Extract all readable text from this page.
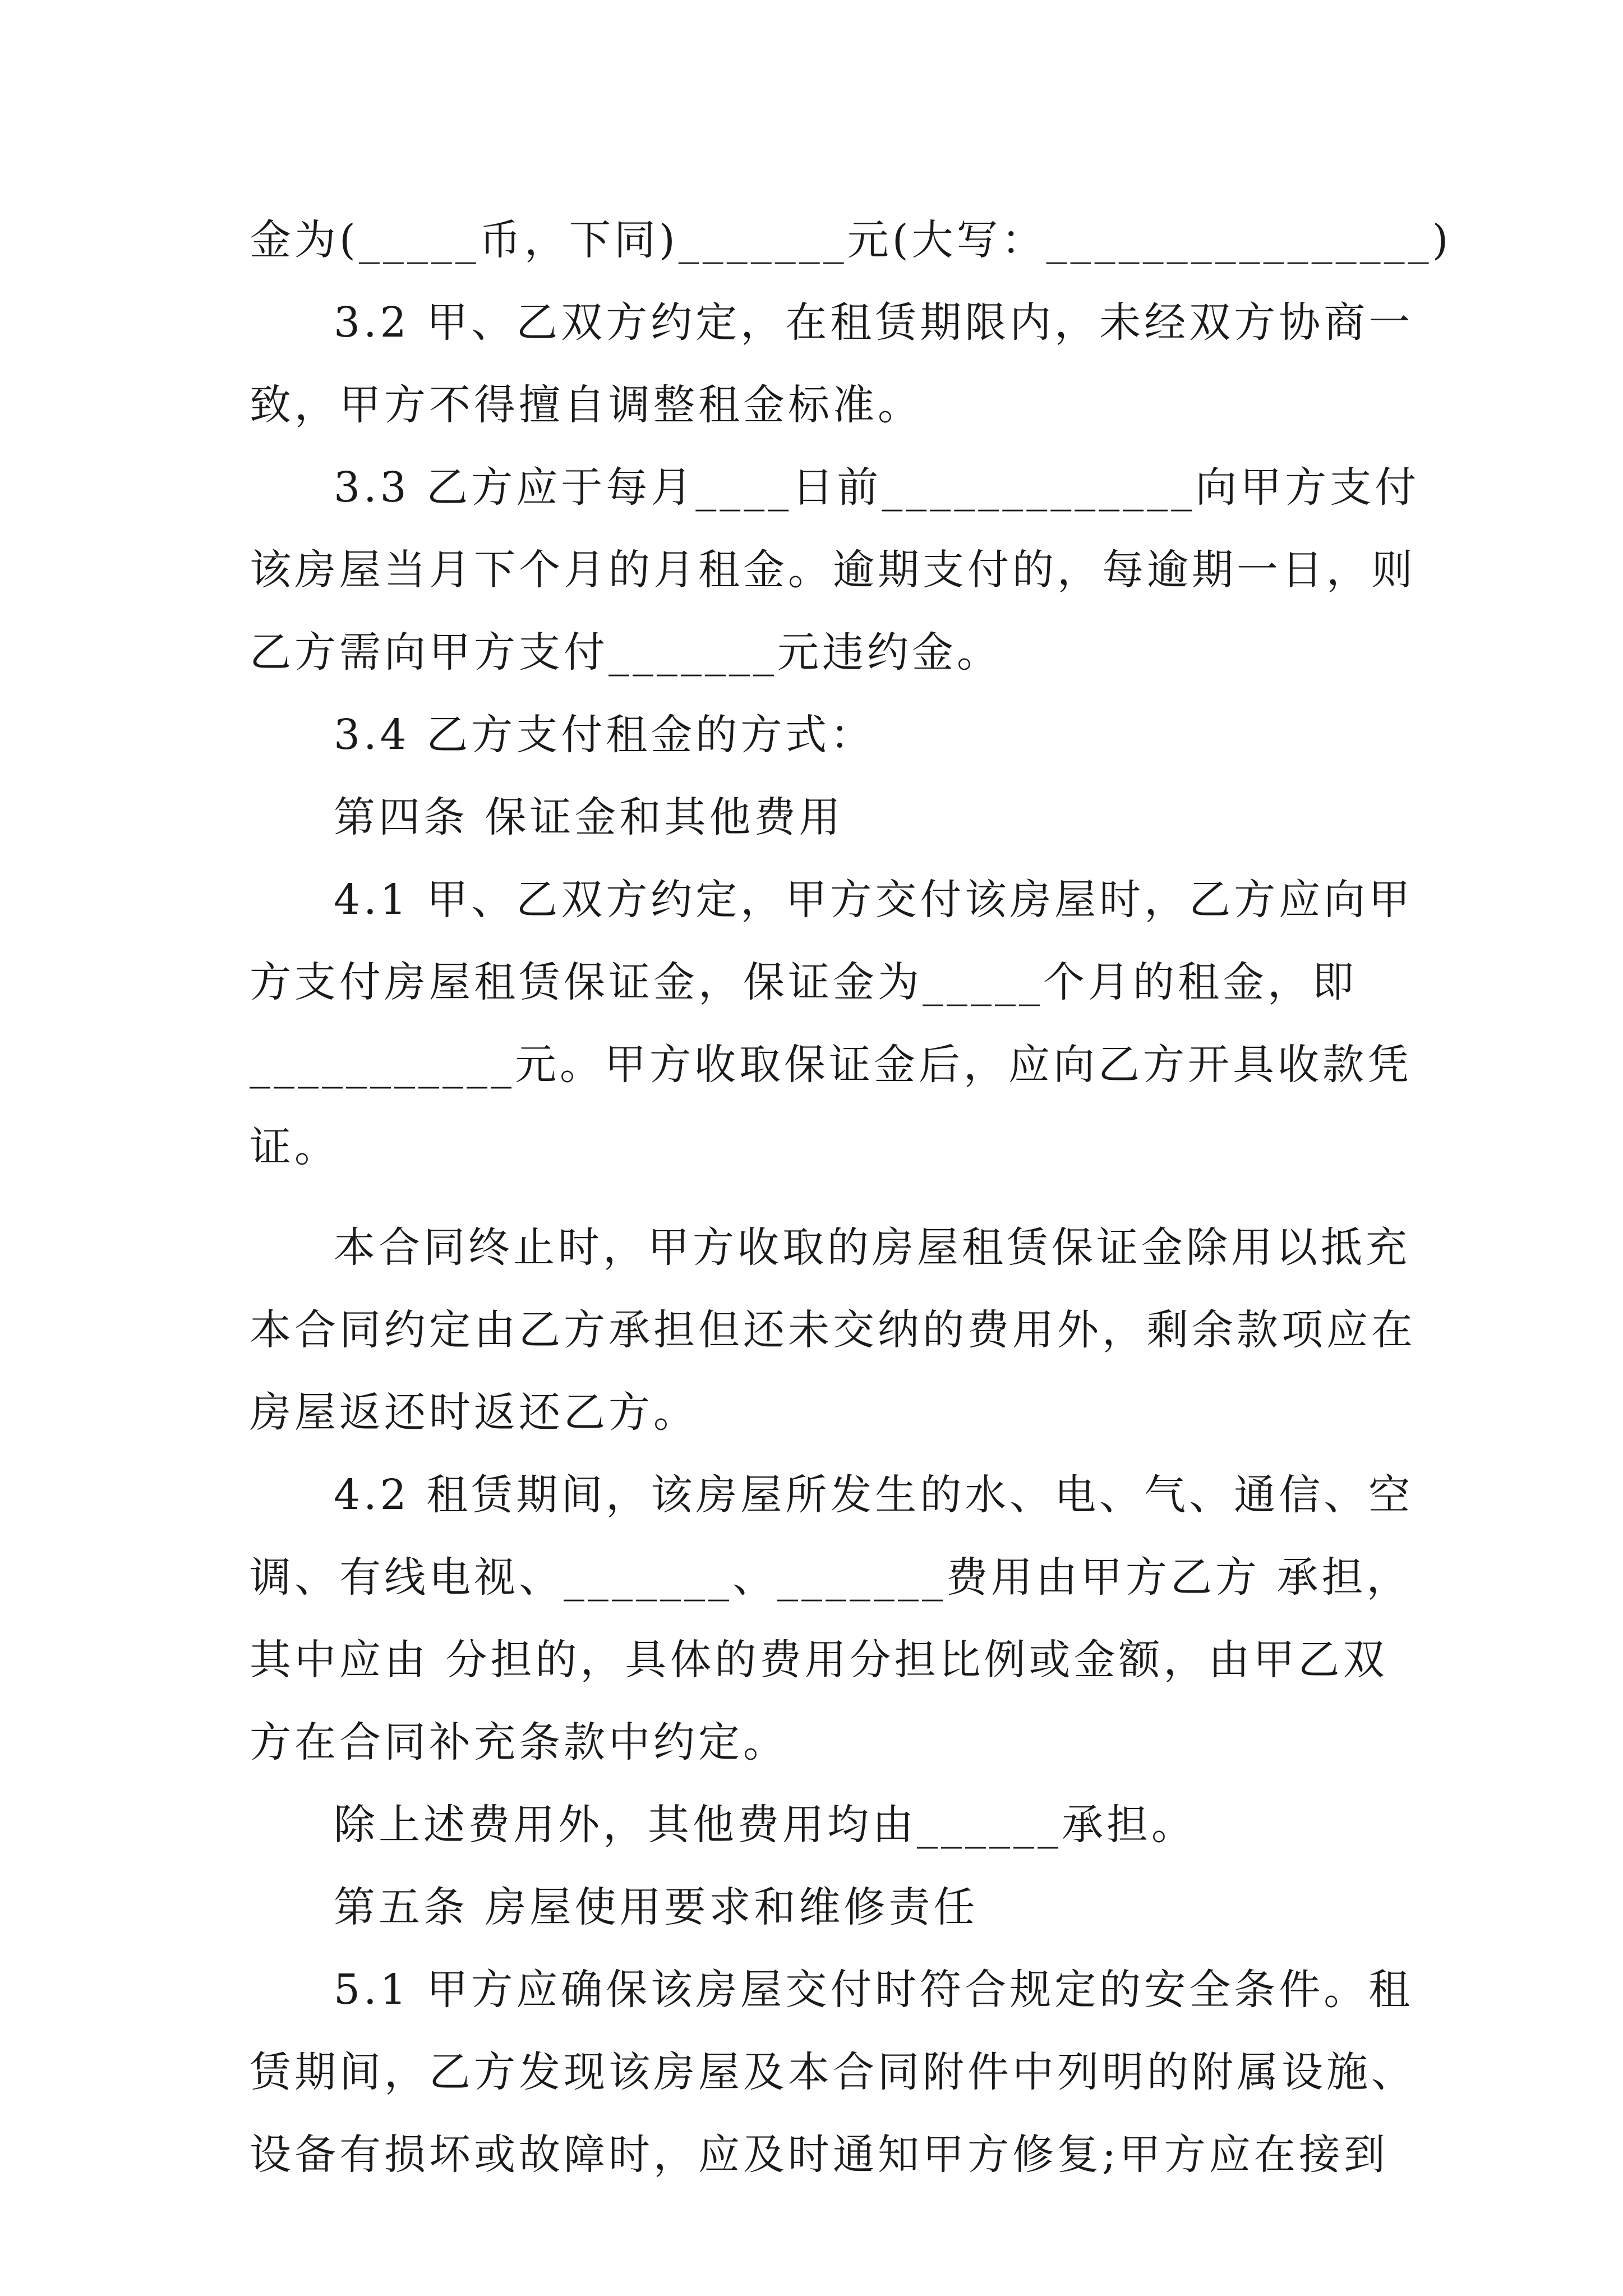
金为(_____币，下同)_______元(大写：________________)
3.2 甲、乙双方约定，在租赁期限内，未经双方协商一
致，甲方不得擅自调整租金标准。
3.3 乙方应于每月____日前_____________向甲方支付
该房屋当月下个月的月租金。逾期支付的，每逾期一日，则
乙方需向甲方支付_______元违约金。
3.4 乙方支付租金的方式：
第四条 保证金和其他费用
4.1 甲、乙双方约定，甲方交付该房屋时，乙方应向甲
方支付房屋租赁保证金，保证金为_____个月的租金，即
___________元。甲方收取保证金后，应向乙方开具收款凭
证。
本合同终止时，甲方收取的房屋租赁保证金除用以抵充
本合同约定由乙方承担但还未交纳的费用外，剩余款项应在
房屋返还时返还乙方。
4.2 租赁期间，该房屋所发生的水、电、气、通信、空
调、有线电视、_______、_______费用由甲方乙方 承担，
其中应由 分担的，具体的费用分担比例或金额，由甲乙双
方在合同补充条款中约定。
除上述费用外，其他费用均由______承担。
第五条 房屋使用要求和维修责任
5.1 甲方应确保该房屋交付时符合规定的安全条件。租
赁期间，乙方发现该房屋及本合同附件中列明的附属设施、
设备有损坏或故障时，应及时通知甲方修复;甲方应在接到
